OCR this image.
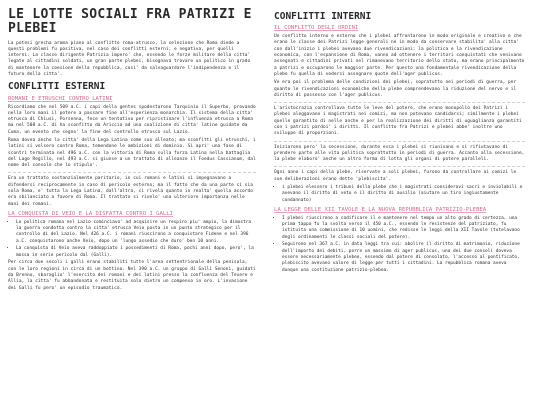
LE LOTTE SOCIALI FRA PATRIZI E PLEBEI

La potesi grecha aroma piano al conflitto roma-atrusco, la selezione che Roma diede a questi problemi fu positiva, nel caso dei conflitti esterni, e negativa, per quelli interni. La classe dirigente Patrizia impero' che, essendo le forze militare della citta' legate al cittadini soldati, un gran parte plebei, bisognava trovare un politico in grado di mantenere la coesione della repubblica, cosi' da salvaguardare l'indipendenza e il futuro della citta'.

CONFLITTI ESTERNI
ROMANI E ETRUSCHI CONTRO LATINI

Ricordiamo che nel 509 a.C. i capi della gentes spodestarono Tarquinio il Superbo, provando nella loro mani il potere a passare fine all'esperienza monarchia. Il sistema della citta' etrusca di Chiusi, Porsenna, fece un tentativo per ripristinare l'influenza etrusca a Roma ma nel 508 a.C. di ha sconfitto da Ariccia ad una coalizione di citta' latine guidate da Cuma, un evento che segno' la fine del controllo etrusco sul Lazio.

Roma dovea ancho la citta' della Lega Latina come suo alleato; ma sconfitti gli etruschi, i latini si volsero contro Roma, temendone le ambizioni di dominio. Si apri' una fase di scontri terminata nel 496 a.C. con la vittoria di Roma sulla forza Latina nella battaglia del Lago Regillo, nel 493 a.C. si giunse a un trattato di alleanze il Foedus Cassianum, dal nome del console che lo stipulo'.

Era un trattato sostanzialmente paritario, in cui romani e latini si impegnavano a difendersi reciprocamente in caso di pericolo esterno; ma il fatto che da una parte ci sia sola Roma, e' tutta la Lega Latina, dall'altra, ci rivela quanto in realta' quella accordo era sbilanciato a favore di Roma. Il trattato si rivelo' una ulteriore importanza nelle mani dei romani.

LA CONQUISTA DI VEIO E LA DISFATTA CONTRO I GALLI
• Lo politica romana nel Lazio cominciavo' ad acquisire un respiro piu' ampio, la dimostra la guerra condotta contro la citta' etrusca Veio posta in un punto strategico per il controllo di del Lazio. Nel 426 a.C. i romani riuscirono a conquistare Fidene e nel 396 a.C. conquistarono anche Veio, dopo un 'lungo assedio che duro' ben 10 anni.
• La conquista di Veio aveva raddoppiato i possedimenti di Roma, pochi anni dopo, pero', la mossa in serie pericolo dal (Galli).

Per circa due secoli i galli erano stabiliti tutte l'area settentrionale della penisola, con le loro regioni in circa di un bottino. Nel 390 a.C. un gruppo di Galli Senoni, guidati da Brenno, sbaraglio' l'esercito dei romani e dei latini presso la confluenza del Tevere e Allia, la citta' fu abbandonata e restituita solo dietro un compenso in oro. L'invasione dei Galli fu pero' un episodio traumatico.

CONFLITTI INTERNI
IL CONFLITTO DEGLI ORDINI

Un conflitto interno e esterno che i plebei affrontarono in modo originale e creativo e che erano le classe dei Patrizi legge generali ne in modo da conservare stabilita' alla citta' con dall'inizio i plebei avevano due rivendicazioni: la politica e la rivendicazione economica, con l'espansione di Roma, vanno ad ottenere i territori conquistati che venivano assegnati e cittadini privati nel rimanevano territorio dello stato, ma erano principalmente a patrizi e occuparono le maggior parte. Per questo una fondamentale rivendicazione della plebe fu quella di vedersi assegnare quote dell'ager publicus.

Ve era poi il problema delle condizioni dei plebei, sopratutto nei periodi di guerra, per quanto le rivendicazioni economiche della plebe comprendevano la riduzione del nervo e il diritto di possesso con l'ager publicus.

L'aristocrazia controllava tutte le leve del potere, che erano monopolio dei Patrizi i plebei aleggavano i magistrati nei comizi, ma non potevano candidarsi; similmente i plebei quelle garantito di nelle anche e per la realizzazione dei diritti di uguaglianza garantiti con i patrizi pardoi' i diritti. Il conflitto fra Patrizi e plebei abbe' inoltre uno sviluppo di proporzioni.

Iniziarono pero' la secessione, durante essa i plebei si riunivano e si rifiutavano di prendere parte alle vita politica soprattutto in periodi di guerra. Accanto alla secessione, la plebe elaboro' anche un altro forma di lotta gli organi di potere paralleli.

Ogni anno i capi della plebe, riservate a soli plebei, furono da controllare ai comizi le sue deliberazioni erano dette 'plebiscita'.

• i plebei elessero i tribuni della plebe che i magistrati consideravi sacri e inviolabili e avevano il diritto di veto e il diritto di ausilio (aiutare un tiro ingiustamente condannato)
LA LEGGE DELLE XII TAVOLE E LA NUOVA REPUBBLICA PATRIZIO-PLEBEA
• I plebei riuscirono a codificare il e mantenere nel tempo un alto grado di certezza, una prima tappa fu la svolta verso il 450 a.C., essendo le resistenze del patriziato, fu istituita una commissione di 10 uomini, che redisse le leggi della XII Tavole (tutelavano degli ordinamenti le classi sociali del potere).
• Seguirono nel 367 a.C. in data leggi tra cui: abolire il diritto di matrimonio, riduzione dell'importo dei debiti, porre un massimo di ager publicus, una dei due consoli doveva essere necessariamente plebeo, essendo dal potere di consolato, l'accesso al pontificato, plebiscito avevano valore di legge per tutti i cittadini. La repubblica romana aveva dunque una costituzione patrizio-plebea.
